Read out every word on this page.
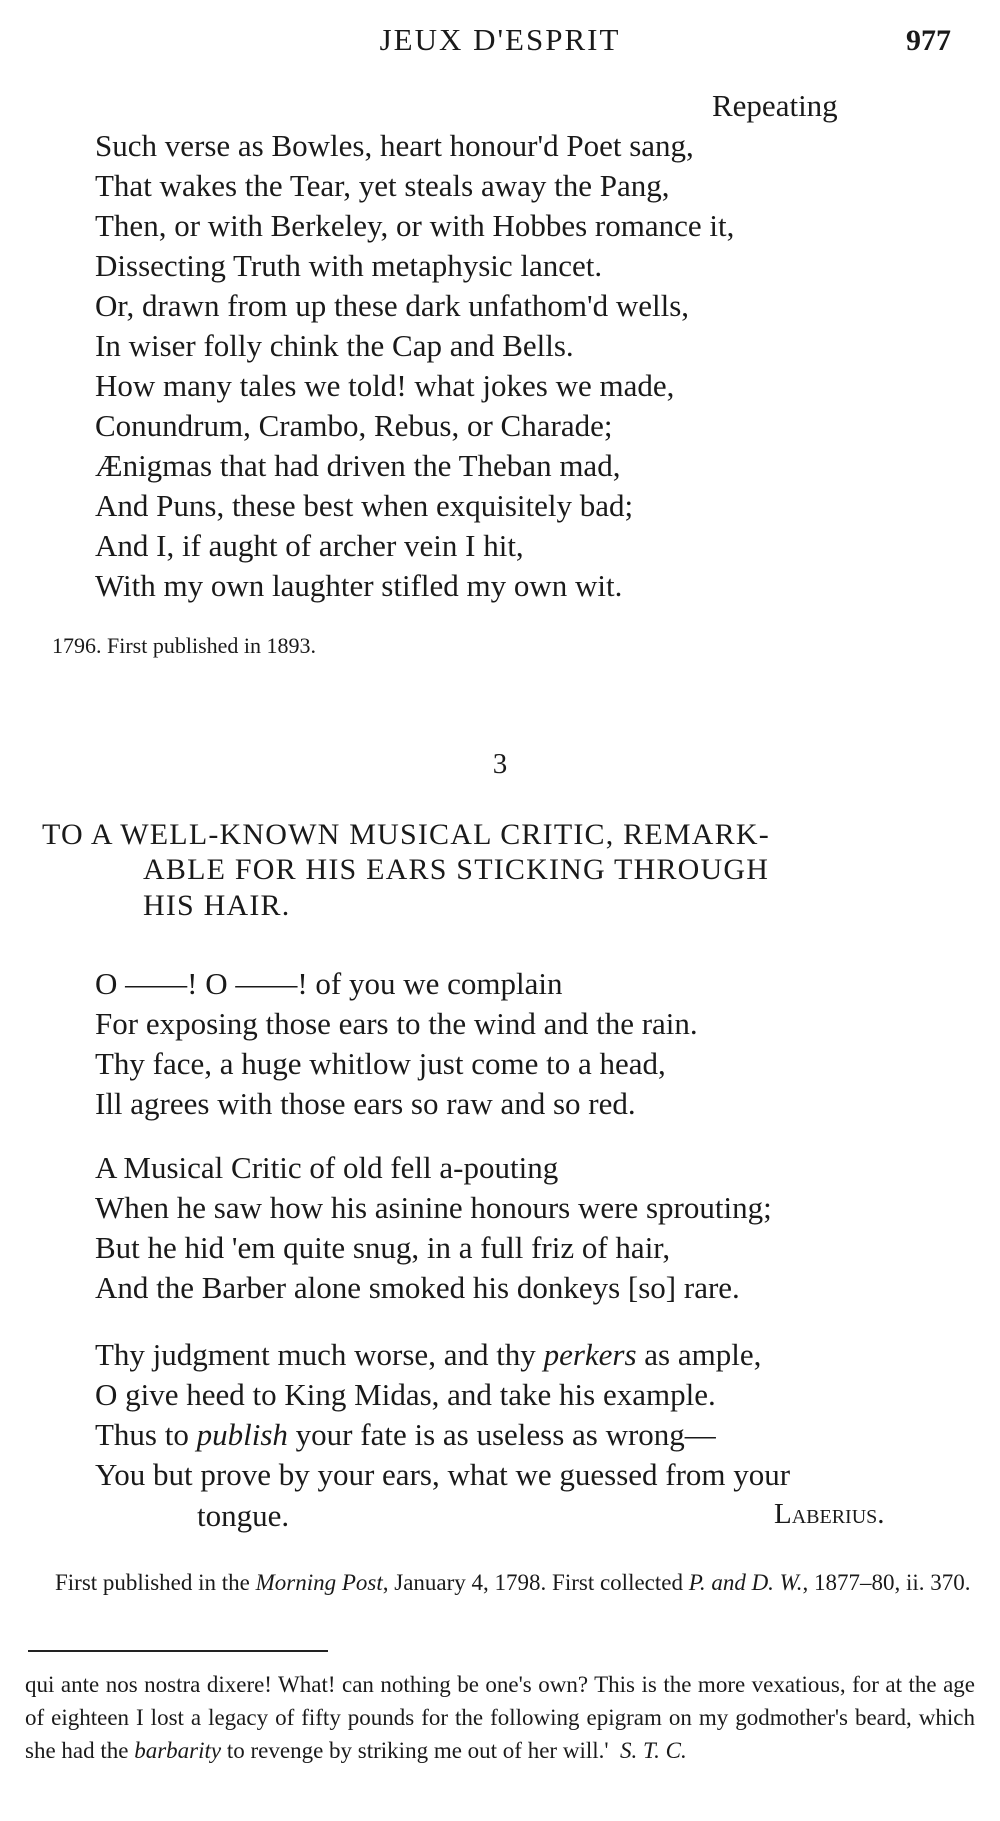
JEUX D'ESPRIT	977
Repeating
Such verse as Bowles, heart honour'd Poet sang,
That wakes the Tear, yet steals away the Pang,
Then, or with Berkeley, or with Hobbes romance it,
Dissecting Truth with metaphysic lancet.
Or, drawn from up these dark unfathom'd wells,
In wiser folly chink the Cap and Bells.
How many tales we told! what jokes we made,
Conundrum, Crambo, Rebus, or Charade;
Ænigmas that had driven the Theban mad,
And Puns, these best when exquisitely bad;
And I, if aught of archer vein I hit,
With my own laughter stifled my own wit.
1796. First published in 1893.
3
TO A WELL-KNOWN MUSICAL CRITIC, REMARK-
ABLE FOR HIS EARS STICKING THROUGH
HIS HAIR.
O ——! O ——! of you we complain
For exposing those ears to the wind and the rain.
Thy face, a huge whitlow just come to a head,
Ill agrees with those ears so raw and so red.
A Musical Critic of old fell a-pouting
When he saw how his asinine honours were sprouting;
But he hid 'em quite snug, in a full friz of hair,
And the Barber alone smoked his donkeys [so] rare.
Thy judgment much worse, and thy perkers as ample,
O give heed to King Midas, and take his example.
Thus to publish your fate is as useless as wrong—
You but prove by your ears, what we guessed from your
tongue.	Laberius.
First published in the Morning Post, January 4, 1798. First collected P. and D. W., 1877–80, ii. 370.
qui ante nos nostra dixere! What! can nothing be one's own? This is the more vexatious, for at the age of eighteen I lost a legacy of fifty pounds for the following epigram on my godmother's beard, which she had the barbarity to revenge by striking me out of her will.' S. T. C.
